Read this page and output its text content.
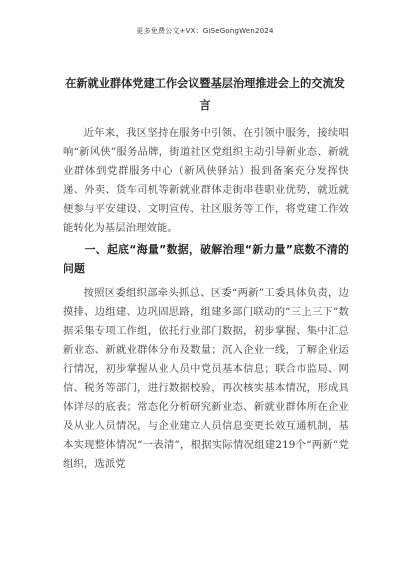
更多免费公文+VX：GiSeGongWen2024
在新就业群体党建工作会议暨基层治理推进会上的交流发言

近年来，我区坚持在服务中引领、在引领中服务，接续唱响“新风侠”服务品牌，街道社区党组织主动引导新业态、新就业群体到党群服务中心（新风侠驿站）报到备案充分发挥快递、外卖、货车司机等新就业群体走街串巷职业优势，就近就便参与平安建设、文明宣传、社区服务等工作，将党建工作效能转化为基层治理效能。

一、起底“海量”数据，破解治理“新力量”底数不清的问题

按照区委组织部牵头抓总、区委“两新”工委具体负责，边摸排、边组建、边巩固思路，组建多部门联动的“三上三下”数据采集专项工作组，依托行业部门数据，初步掌握、集中汇总新业态、新就业群体分布及数量；沉入企业一线，了解企业运行情况，初步掌握从业人员中党员基本信息；联合市监局、网信、税务等部门，进行数据校验，再次核实基本情况，形成具体详尽的底表；常态化分析研究新业态、新就业群体所在企业及从业人员情况，与企业建立人员信息变更长效互通机制，基本实现整体情况“一表清”，根据实际情况组建219个“两新”党组织，选派党
